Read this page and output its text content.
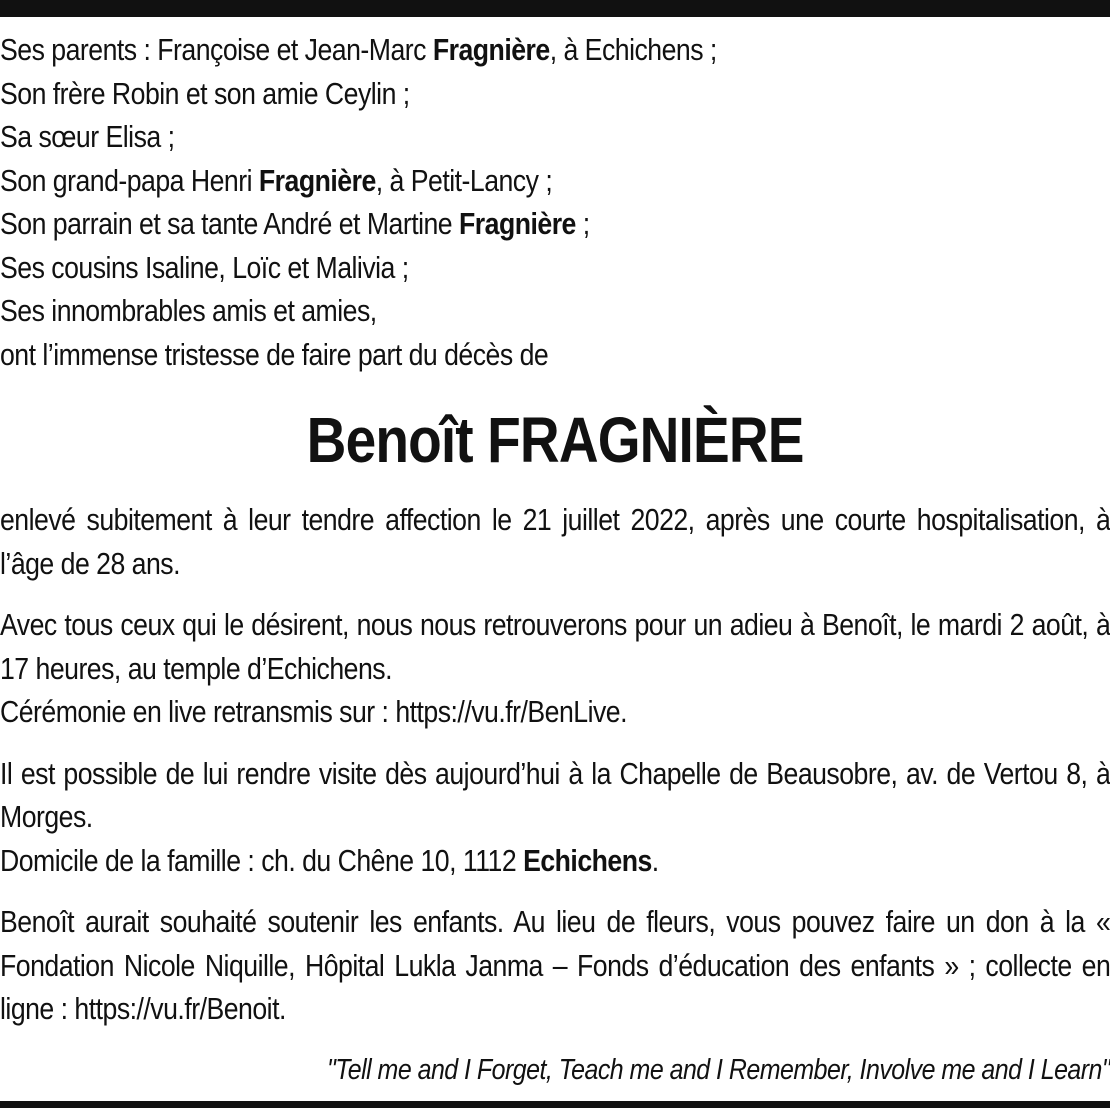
Ses parents : Françoise et Jean-Marc Fragnière, à Echichens ;
Son frère Robin et son amie Ceylin ;
Sa sœur Elisa ;
Son grand-papa Henri Fragnière, à Petit-Lancy ;
Son parrain et sa tante André et Martine Fragnière ;
Ses cousins Isaline, Loïc et Malivia ;
Ses innombrables amis et amies,
ont l’immense tristesse de faire part du décès de
Benoît FRAGNIÈRE
enlevé subitement à leur tendre affection le 21 juillet 2022, après une courte hospitalisation, à l’âge de 28 ans.
Avec tous ceux qui le désirent, nous nous retrouverons pour un adieu à Benoît, le mardi 2 août, à 17 heures, au temple d’Echichens.
Cérémonie en live retransmis sur : https://vu.fr/BenLive.
Il est possible de lui rendre visite dès aujourd’hui à la Chapelle de Beausobre, av. de Vertou 8, à Morges.
Domicile de la famille : ch. du Chêne 10, 1112 Echichens.
Benoît aurait souhaité soutenir les enfants. Au lieu de fleurs, vous pouvez faire un don à la « Fondation Nicole Niquille, Hôpital Lukla Janma – Fonds d’éducation des enfants » ; collecte en ligne : https://vu.fr/Benoit.
"Tell me and I Forget, Teach me and I Remember, Involve me and I Learn"
